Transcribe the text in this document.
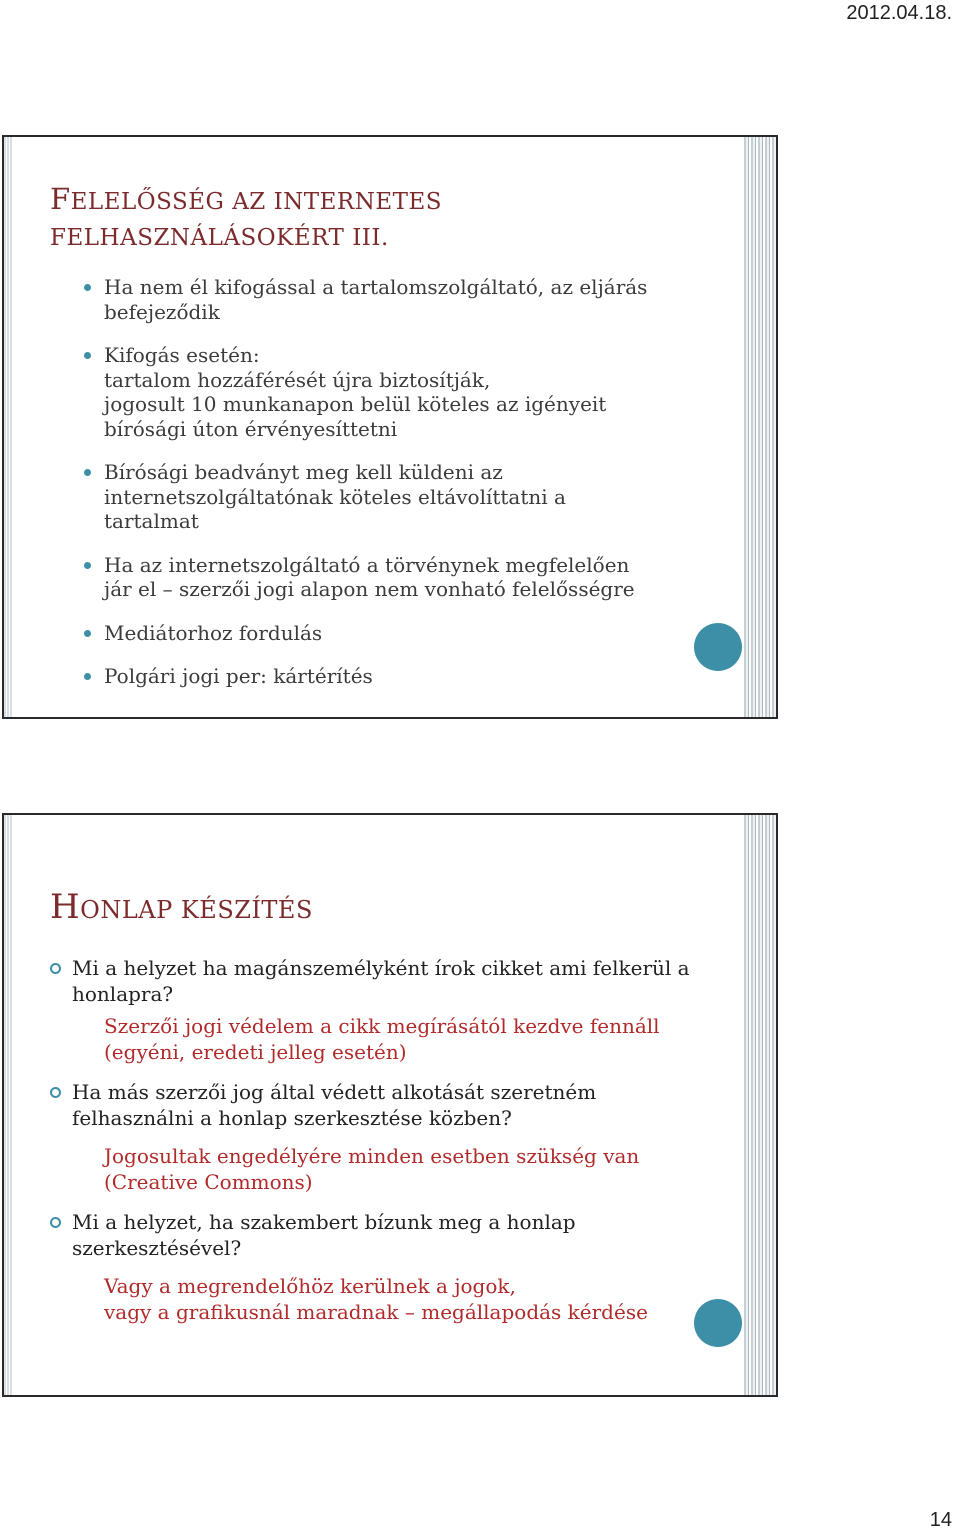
2012.04.18.
FELELŐSSÉG AZ INTERNETES
FELHASZNÁLÁSOKÉRT III.
Ha nem él kifogással a tartalomszolgáltató, az eljárás
befejeződik
Kifogás esetén:
tartalom hozzáférését újra biztosítják,
jogosult 10 munkanapon belül köteles az igényeit
bírósági úton érvényesíttetni
Bírósági beadványt meg kell küldeni az
internetszolgáltatónak köteles eltávolíttatni a
tartalmat
Ha az internetszolgáltató a törvénynek megfelelően
jár el – szerzői jogi alapon nem vonható felelősségre
Mediátorhoz fordulás
Polgári jogi per: kártérítés
HONLAP KÉSZÍTÉS
Mi a helyzet ha magánszemélyként írok cikket ami felkerül a
honlapra?
Szerzői jogi védelem a cikk megírásától kezdve fennáll
(egyéni, eredeti jelleg esetén)
Ha más szerzői jog által védett alkotását szeretném
felhasználni a honlap szerkesztése közben?
Jogosultak engedélyére minden esetben szükség van
(Creative Commons)
Mi a helyzet, ha szakembert bízunk meg a honlap
szerkesztésével?
Vagy a megrendelőhöz kerülnek a jogok,
vagy a grafikusnál maradnak – megállapodás kérdése
14
